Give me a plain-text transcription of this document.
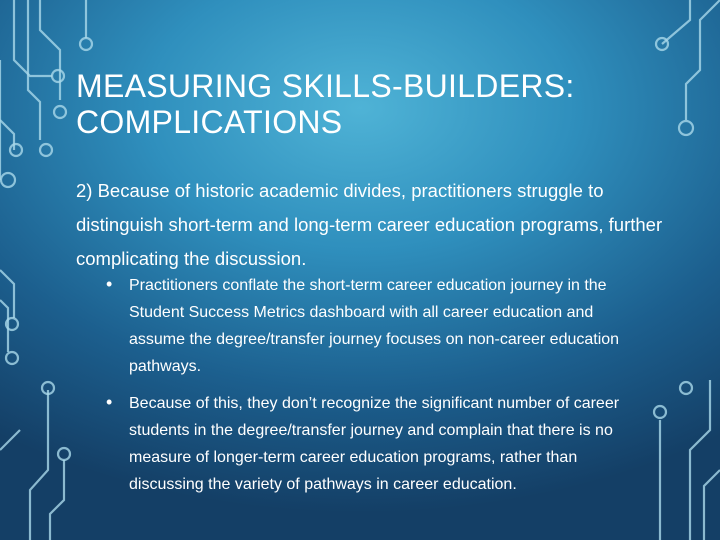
MEASURING SKILLS-BUILDERS: COMPLICATIONS

2) Because of historic academic divides, practitioners struggle to distinguish short-term and long-term career education programs, further complicating the discussion.

• Practitioners conflate the short-term career education journey in the Student Success Metrics dashboard with all career education and assume the degree/transfer journey focuses on non-career education pathways.
• Because of this, they don’t recognize the significant number of career students in the degree/transfer journey and complain that there is no measure of longer-term career education programs, rather than discussing the variety of pathways in career education.
